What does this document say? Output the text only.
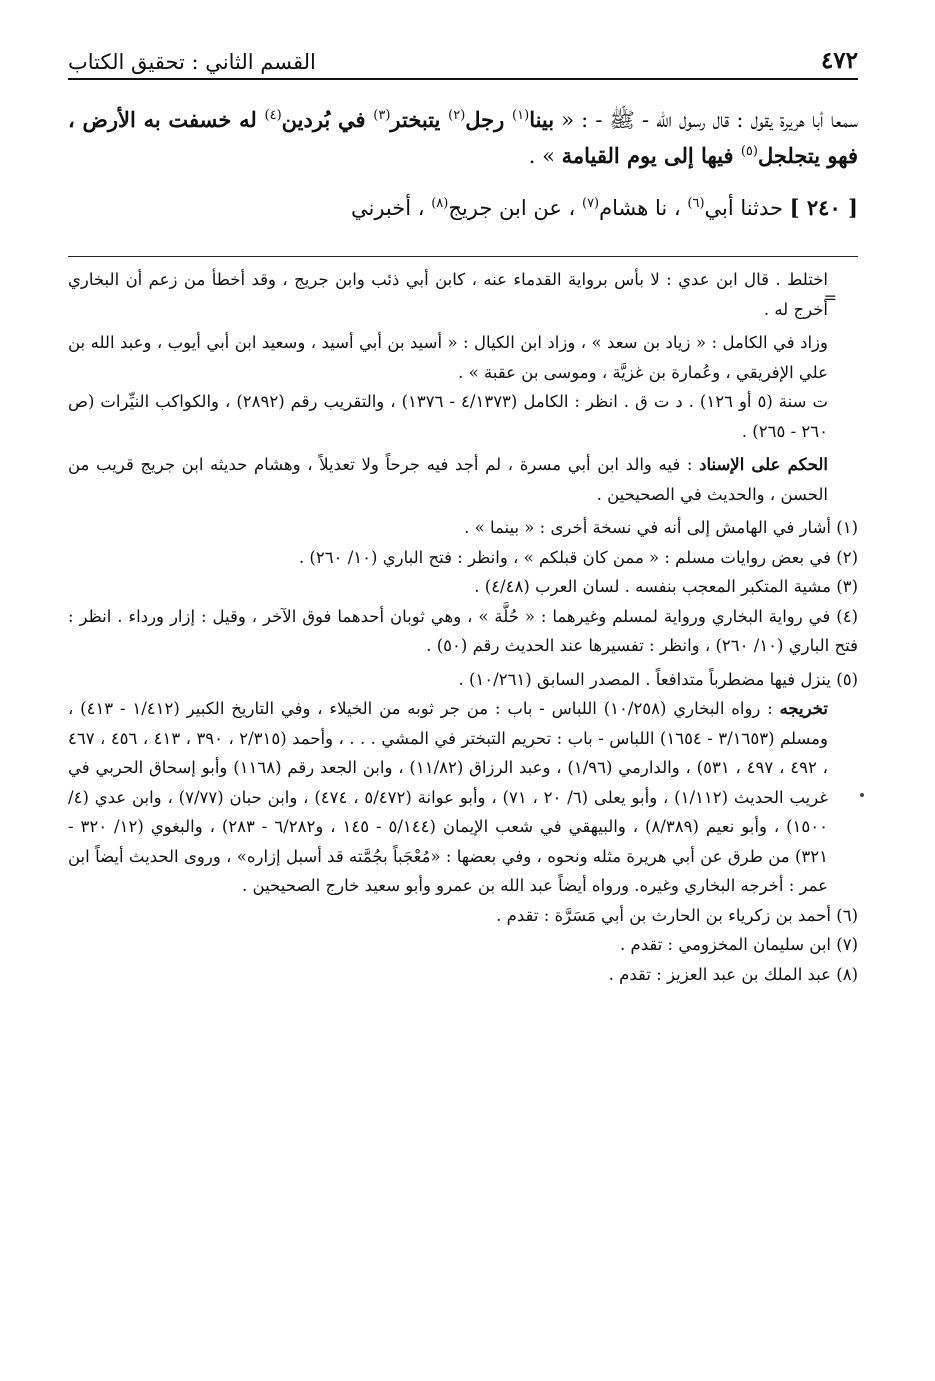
٤٧٢
القسم الثاني : تحقيق الكتاب

سمعا أبا هريرة يقول : قال رسول الله - ﷺ - : « بينا$^{(١)}$ رجل$^{(٢)}$ يتبختر$^{(٣)}$ في بُردين$^{(٤)}$ له خسفت به الأرض ، فهو يتجلجل$^{(٥)}$ فيها إلى يوم القيامة » .

[ ٢٤٠ ] حدثنا أبي$^{(٦)}$ ، نا هشام$^{(٧)}$ ، عن ابن جريج$^{(٨)}$ ، أخبرني

اختلط . قال ابن عدي : لا بأس برواية القدماء عنه ، كابن أبي ذئب وابن جريج ، وقد أخطأ من زعم أن البخاري أخرج له .

وزاد في الكامل : « زياد بن سعد » ، وزاد ابن الكيال : « أسيد بن أبي أسيد ، وسعيد ابن أبي أيوب ، وعبد الله بن علي الإفريقي ، وعُمارة بن غزيَّة ، وموسى بن عقبة » .

ت سنة (٥ أو ١٢٦) . د ت ق . انظر : الكامل (٤/١٣٧٣ - ١٣٧٦) ، والتقريب رقم (٢٨٩٢) ، والكواكب النيِّرات (ص ٢٦٠ - ٢٦٥) .

الحكم على الإسناد : فيه والد ابن أبي مسرة ، لم أجد فيه جرحاً ولا تعديلاً ، وهشام حديثه ابن جريج قريب من الحسن ، والحديث في الصحيحين .

(١) أشار في الهامش إلى أنه في نسخة أخرى : « بينما » .

(٢) في بعض روايات مسلم : « ممن كان قبلكم » ، وانظر : فتح الباري (١٠/ ٢٦٠) .

(٣) مشية المتكبر المعجب بنفسه . لسان العرب (٤/٤٨) .

(٤) في رواية البخاري ورواية لمسلم وغيرهما : « حُلَّة » ، وهي ثوبان أحدهما فوق الآخر ، وقيل : إزار ورداء . انظر : فتح الباري (١٠/ ٢٦٠) ، وانظر : تفسيرها عند الحديث رقم (٥٠) .

(٥) ينزل فيها مضطرباً متدافعاً . المصدر السابق (١٠/٢٦١) .

تخريجه : رواه البخاري (١٠/٢٥٨) اللباس - باب : من جر ثوبه من الخيلاء ، وفي التاريخ الكبير (١/٤١٢ - ٤١٣) ، ومسلم (٣/١٦٥٣ - ١٦٥٤) اللباس - باب : تحريم التبختر في المشي . . . ، وأحمد (٢/٣١٥ ، ٣٩٠ ، ٤١٣ ، ٤٥٦ ، ٤٦٧ ، ٤٩٢ ، ٤٩٧ ، ٥٣١) ، والدارمي (١/٩٦) ، وعبد الرزاق (١١/٨٢) ، وابن الجعد رقم (١١٦٨) وأبو إسحاق الحربي في غريب الحديث (١/١١٢) ، وأبو يعلى (٦/ ٢٠ ، ٧١) ، وأبو عوانة (٥/٤٧٢ ، ٤٧٤) ، وابن حبان (٧/٧٧) ، وابن عدي (٤/ ١٥٠٠) ، وأبو نعيم (٨/٣٨٩) ، والبيهقي في شعب الإيمان (٥/١٤٤ - ١٤٥ ، و٦/٢٨٢ - ٢٨٣) ، والبغوي (١٢/ ٣٢٠ - ٣٢١) من طرق عن أبي هريرة مثله ونحوه ، وفي بعضها : «مُعْجَباً بجُمَّته قد أسبل إزاره» ، وروى الحديث أيضاً ابن عمر : أخرجه البخاري وغيره. ورواه أيضاً عبد الله بن عمرو وأبو سعيد خارج الصحيحين .

(٦) أحمد بن زكرياء بن الحارث بن أبي مَسَرَّة : تقدم .

(٧) ابن سليمان المخزومي : تقدم .

(٨) عبد الملك بن عبد العزيز : تقدم .

=
